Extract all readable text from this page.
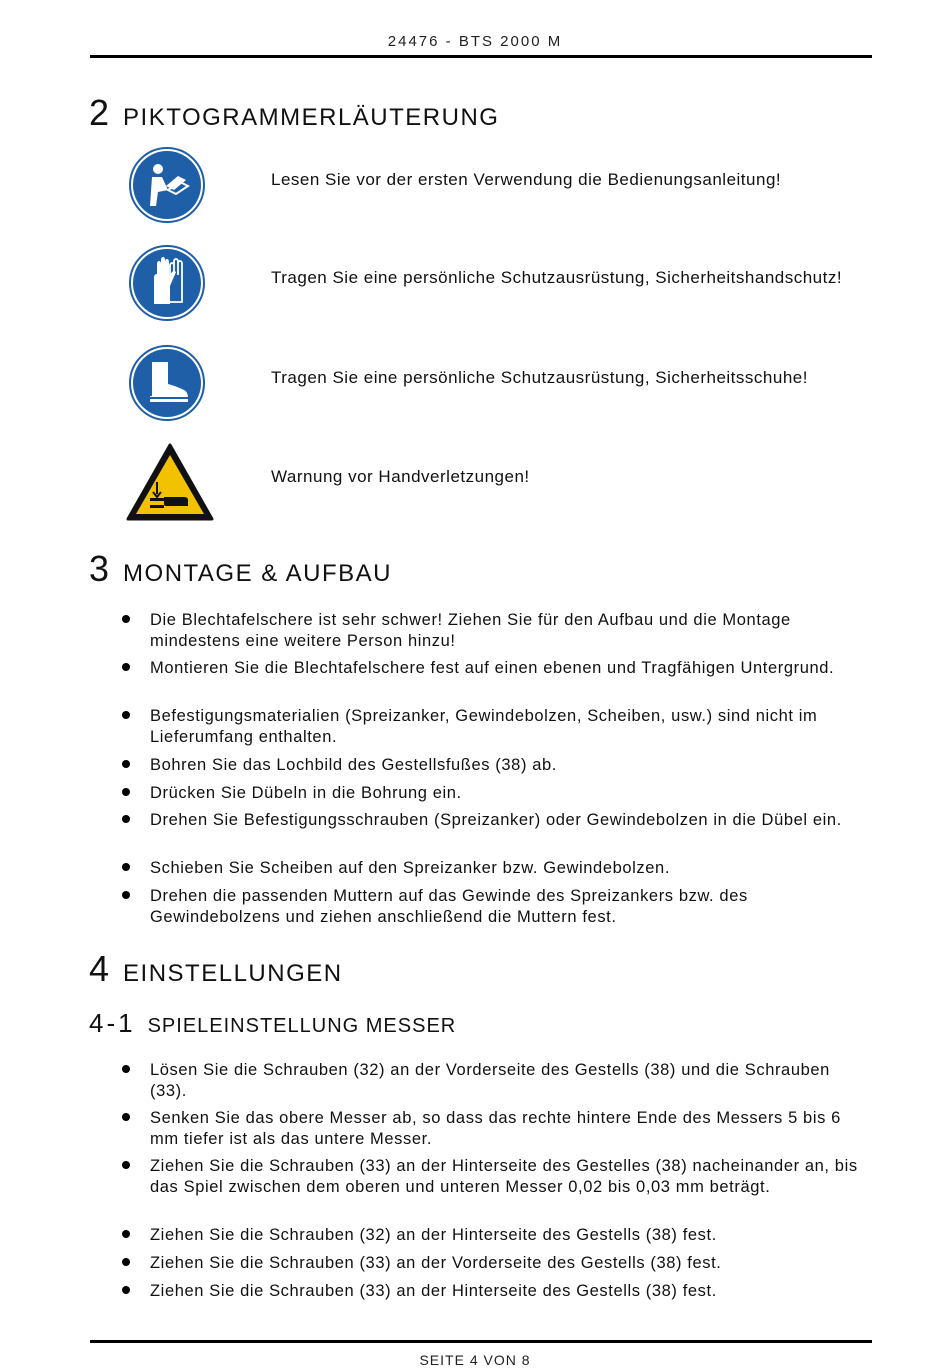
24476 - BTS 2000 M
2 PIKTOGRAMMERLÄUTERUNG
Lesen Sie vor der ersten Verwendung die Bedienungsanleitung!
Tragen Sie eine persönliche Schutzausrüstung, Sicherheitshandschutz!
Tragen Sie eine persönliche Schutzausrüstung, Sicherheitsschuhe!
Warnung vor Handverletzungen!
3 MONTAGE & AUFBAU
Die Blechtafelschere ist sehr schwer! Ziehen Sie für den Aufbau und die Montage mindestens eine weitere Person hinzu!
Montieren Sie die Blechtafelschere fest auf einen ebenen und Tragfähigen Untergrund.
Befestigungsmaterialien (Spreizanker, Gewindebolzen, Scheiben, usw.) sind nicht im Lieferumfang enthalten.
Bohren Sie das Lochbild des Gestellsfußes (38) ab.
Drücken Sie Dübeln in die Bohrung ein.
Drehen Sie Befestigungsschrauben (Spreizanker) oder Gewindebolzen in die Dübel ein.
Schieben Sie Scheiben auf den Spreizanker bzw. Gewindebolzen.
Drehen die passenden Muttern auf das Gewinde des Spreizankers bzw. des Gewindebolzens und ziehen anschließend die Muttern fest.
4 EINSTELLUNGEN
4-1 SPIELEINSTELLUNG MESSER
Lösen Sie die Schrauben (32) an der Vorderseite des Gestells (38) und die Schrauben (33).
Senken Sie das obere Messer ab, so dass das rechte hintere Ende des Messers 5 bis 6 mm tiefer ist als das untere Messer.
Ziehen Sie die Schrauben (33) an der Hinterseite des Gestelles (38) nacheinander an, bis das Spiel zwischen dem oberen und unteren Messer 0,02 bis 0,03 mm beträgt.
Ziehen Sie die Schrauben (32) an der Hinterseite des Gestells (38) fest.
Ziehen Sie die Schrauben (33) an der Vorderseite des Gestells (38) fest.
Ziehen Sie die Schrauben (33) an der Hinterseite des Gestells (38) fest.
SEITE 4 VON 8
